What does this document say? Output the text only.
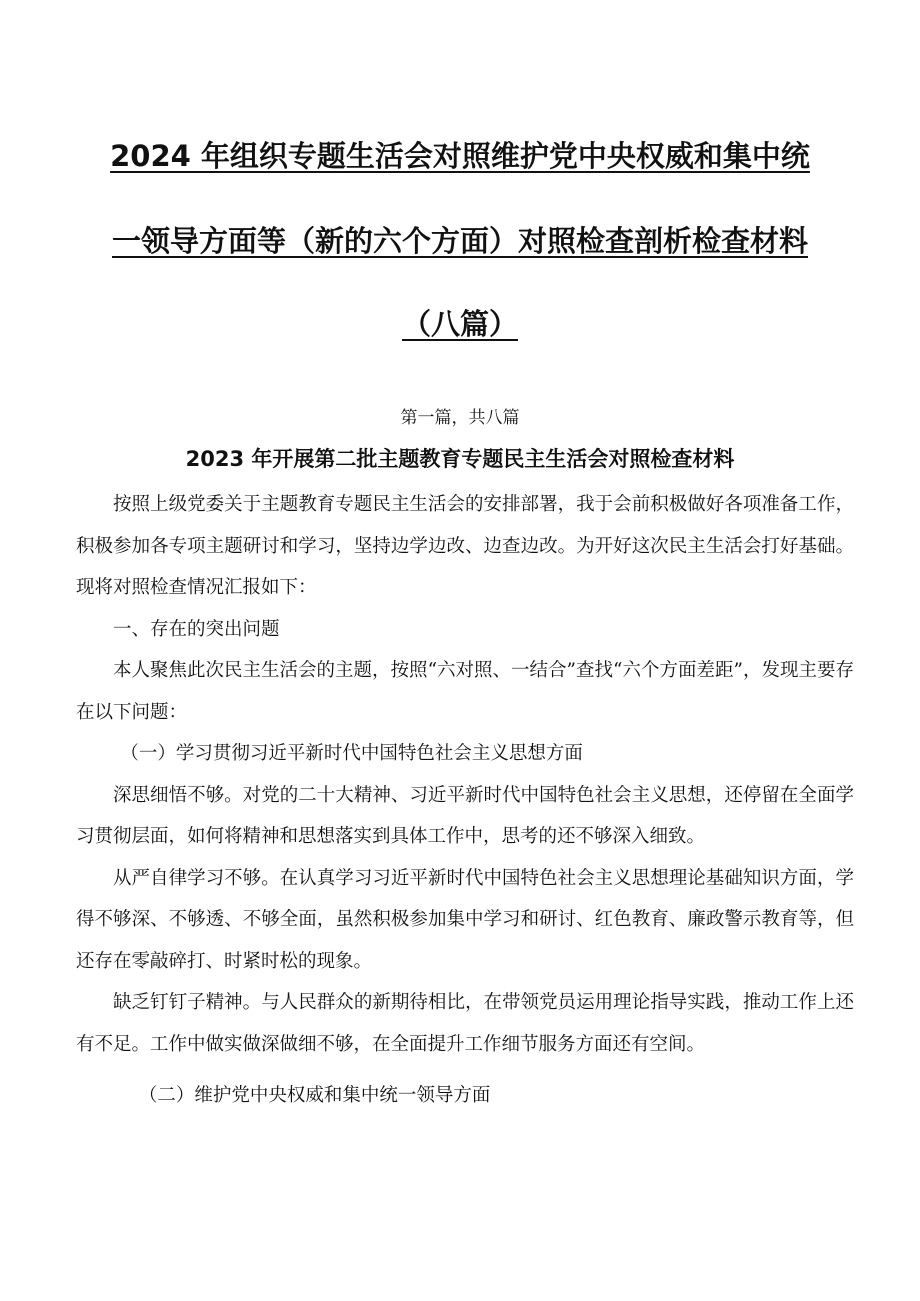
2024 年组织专题生活会对照维护党中央权威和集中统
一领导方面等（新的六个方面）对照检查剖析检查材料
（八篇）

第一篇，共八篇

2023 年开展第二批主题教育专题民主生活会对照检查材料

按照上级党委关于主题教育专题民主生活会的安排部署，我于会前积极做好各项准备工作，积极参加各专项主题研讨和学习，坚持边学边改、边查边改。为开好这次民主生活会打好基础。现将对照检查情况汇报如下：

一、存在的突出问题

本人聚焦此次民主生活会的主题，按照“六对照、一结合”查找“六个方面差距”，发现主要存在以下问题：

（一）学习贯彻习近平新时代中国特色社会主义思想方面

深思细悟不够。对党的二十大精神、习近平新时代中国特色社会主义思想，还停留在全面学习贯彻层面，如何将精神和思想落实到具体工作中，思考的还不够深入细致。

从严自律学习不够。在认真学习习近平新时代中国特色社会主义思想理论基础知识方面，学得不够深、不够透、不够全面，虽然积极参加集中学习和研讨、红色教育、廉政警示教育等，但还存在零敲碎打、时紧时松的现象。

缺乏钉钉子精神。与人民群众的新期待相比，在带领党员运用理论指导实践，推动工作上还有不足。工作中做实做深做细不够，在全面提升工作细节服务方面还有空间。

（二）维护党中央权威和集中统一领导方面
